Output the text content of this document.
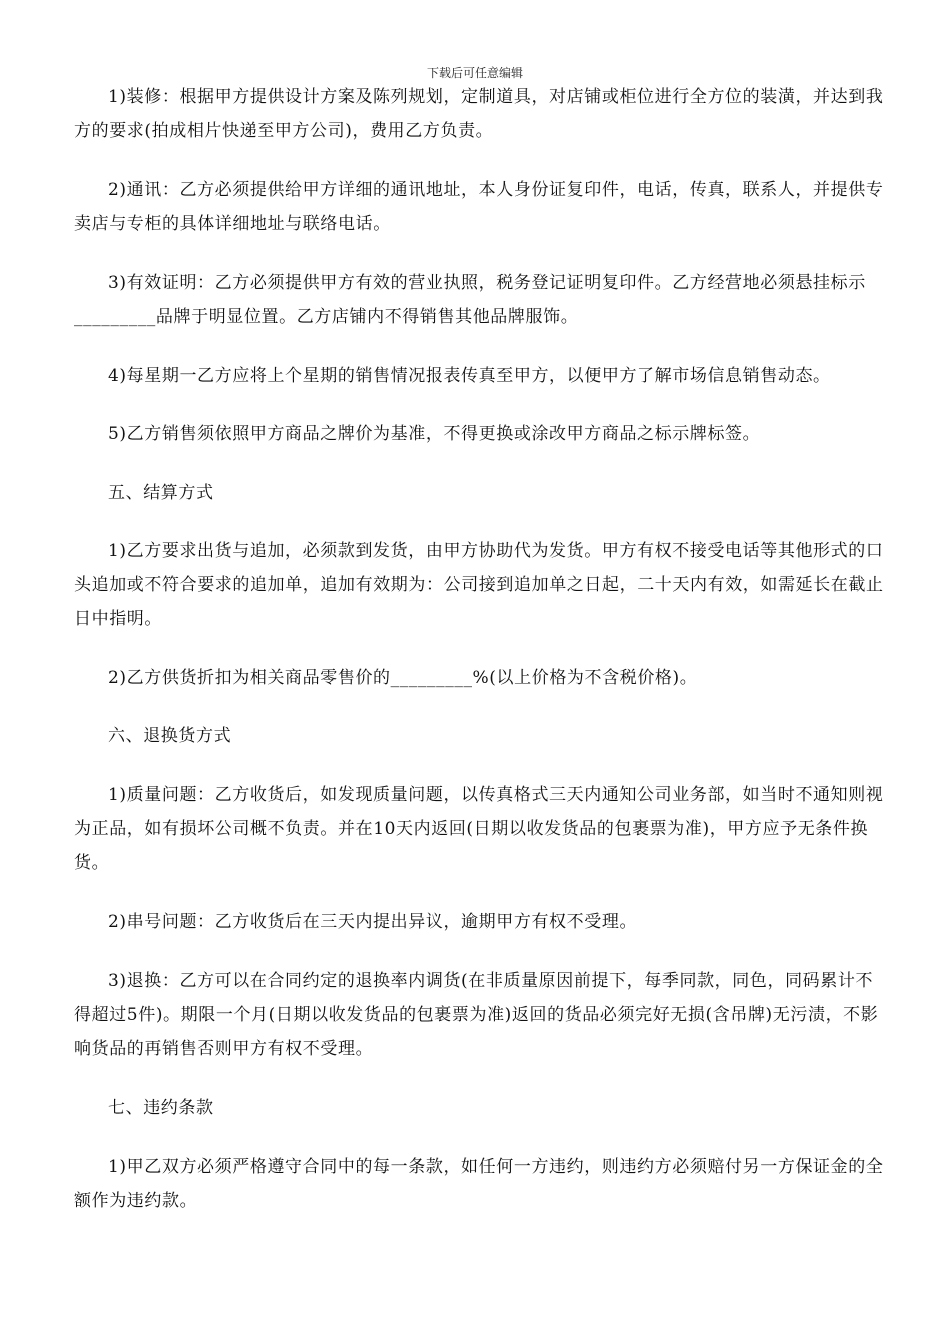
下载后可任意编辑

1)装修：根据甲方提供设计方案及陈列规划，定制道具，对店铺或柜位进行全方位的装潢，并达到我方的要求(拍成相片快递至甲方公司)，费用乙方负责。

2)通讯：乙方必须提供给甲方详细的通讯地址，本人身份证复印件，电话，传真，联系人，并提供专卖店与专柜的具体详细地址与联络电话。

3)有效证明：乙方必须提供甲方有效的营业执照，税务登记证明复印件。乙方经营地必须悬挂标示_________品牌于明显位置。乙方店铺内不得销售其他品牌服饰。

4)每星期一乙方应将上个星期的销售情况报表传真至甲方，以便甲方了解市场信息销售动态。

5)乙方销售须依照甲方商品之牌价为基准，不得更换或涂改甲方商品之标示牌标签。

五、结算方式

1)乙方要求出货与追加，必须款到发货，由甲方协助代为发货。甲方有权不接受电话等其他形式的口头追加或不符合要求的追加单，追加有效期为：公司接到追加单之日起，二十天内有效，如需延长在截止日中指明。

2)乙方供货折扣为相关商品零售价的_________%(以上价格为不含税价格)。

六、退换货方式

1)质量问题：乙方收货后，如发现质量问题，以传真格式三天内通知公司业务部，如当时不通知则视为正品，如有损坏公司概不负责。并在10天内返回(日期以收发货品的包裹票为准)，甲方应予无条件换货。

2)串号问题：乙方收货后在三天内提出异议，逾期甲方有权不受理。

3)退换：乙方可以在合同约定的退换率内调货(在非质量原因前提下，每季同款，同色，同码累计不得超过5件)。期限一个月(日期以收发货品的包裹票为准)返回的货品必须完好无损(含吊牌)无污渍，不影响货品的再销售否则甲方有权不受理。

七、违约条款

1)甲乙双方必须严格遵守合同中的每一条款，如任何一方违约，则违约方必须赔付另一方保证金的全额作为违约款。
